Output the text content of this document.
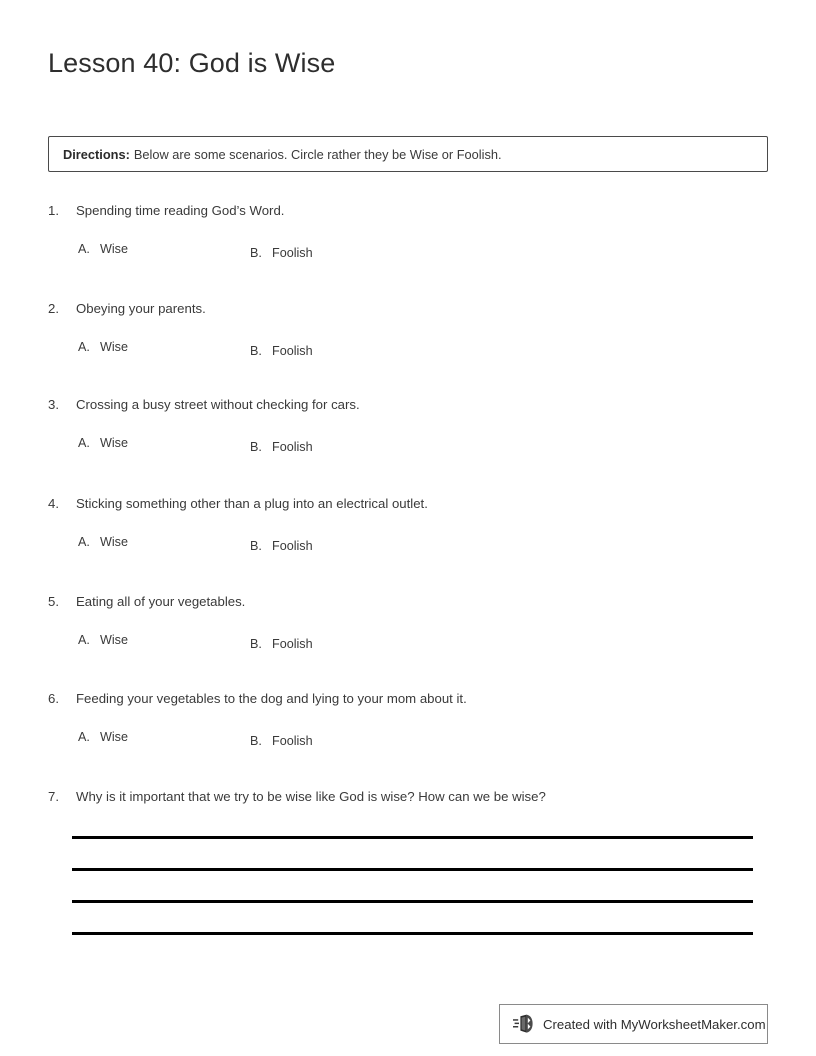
Lesson 40: God is Wise
Directions: Below are some scenarios. Circle rather they be Wise or Foolish.
1.	Spending time reading God’s Word.
A. Wise	B. Foolish
2.	Obeying your parents.
A. Wise	B. Foolish
3.	Crossing a busy street without checking for cars.
A. Wise	B. Foolish
4.	Sticking something other than a plug into an electrical outlet.
A. Wise	B. Foolish
5.	Eating all of your vegetables.
A. Wise	B. Foolish
6.	Feeding your vegetables to the dog and lying to your mom about it.
A. Wise	B. Foolish
7.	Why is it important that we try to be wise like God is wise? How can we be wise?
Created with MyWorksheetMaker.com
